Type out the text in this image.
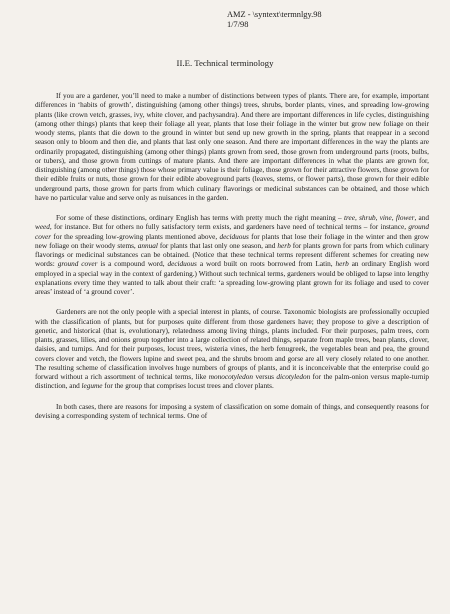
AMZ - \syntext\termnlgy.98
1/7/98
II.E. Technical terminology

If you are a gardener, you’ll need to make a number of distinctions between types of plants. There are, for example, important differences in ‘habits of growth’, distinguishing (among other things) trees, shrubs, border plants, vines, and spreading low-growing plants (like crown vetch, grasses, ivy, white clover, and pachysandra). And there are important differences in life cycles, distinguishing (among other things) plants that keep their foliage all year, plants that lose their foliage in the winter but grow new foliage on their woody stems, plants that die down to the ground in winter but send up new growth in the spring, plants that reappear in a second season only to bloom and then die, and plants that last only one season. And there are important differences in the way the plants are ordinarily propagated, distinguishing (among other things) plants grown from seed, those grown from underground parts (roots, bulbs, or tubers), and those grown from cuttings of mature plants. And there are important differences in what the plants are grown for, distinguishing (among other things) those whose primary value is their foliage, those grown for their attractive flowers, those grown for their edible fruits or nuts, those grown for their edible aboveground parts (leaves, stems, or flower parts), those grown for their edible underground parts, those grown for parts from which culinary flavorings or medicinal substances can be obtained, and those which have no particular value and serve only as nuisances in the garden.

For some of these distinctions, ordinary English has terms with pretty much the right meaning – tree, shrub, vine, flower, and weed, for instance. But for others no fully satisfactory term exists, and gardeners have need of technical terms – for instance, ground cover for the spreading low-growing plants mentioned above, deciduous for plants that lose their foliage in the winter and then grow new foliage on their woody stems, annual for plants that last only one season, and herb for plants grown for parts from which culinary flavorings or medicinal substances can be obtained. (Notice that these technical terms represent different schemes for creating new words: ground cover is a compound word, deciduous a word built on roots borrowed from Latin, herb an ordinary English word employed in a special way in the context of gardening.) Without such technical terms, gardeners would be obliged to lapse into lengthy explanations every time they wanted to talk about their craft: ‘a spreading low-growing plant grown for its foliage and used to cover areas’ instead of ‘a ground cover’.

Gardeners are not the only people with a special interest in plants, of course. Taxonomic biologists are professionally occupied with the classification of plants, but for purposes quite different from those gardeners have; they propose to give a description of genetic, and historical (that is, evolutionary), relatedness among living things, plants included. For their purposes, palm trees, corn plants, grasses, lilies, and onions group together into a large collection of related things, separate from maple trees, bean plants, clover, daisies, and turnips. And for their purposes, locust trees, wisteria vines, the herb fenugreek, the vegetables bean and pea, the ground covers clover and vetch, the flowers lupine and sweet pea, and the shrubs broom and gorse are all very closely related to one another. The resulting scheme of classification involves huge numbers of groups of plants, and it is inconceivable that the enterprise could go forward without a rich assortment of technical terms, like monocotyledon versus dicotyledon for the palm-onion versus maple-turnip distinction, and legume for the group that comprises locust trees and clover plants.

In both cases, there are reasons for imposing a system of classification on some domain of things, and consequently reasons for devising a corresponding system of technical terms. One of
